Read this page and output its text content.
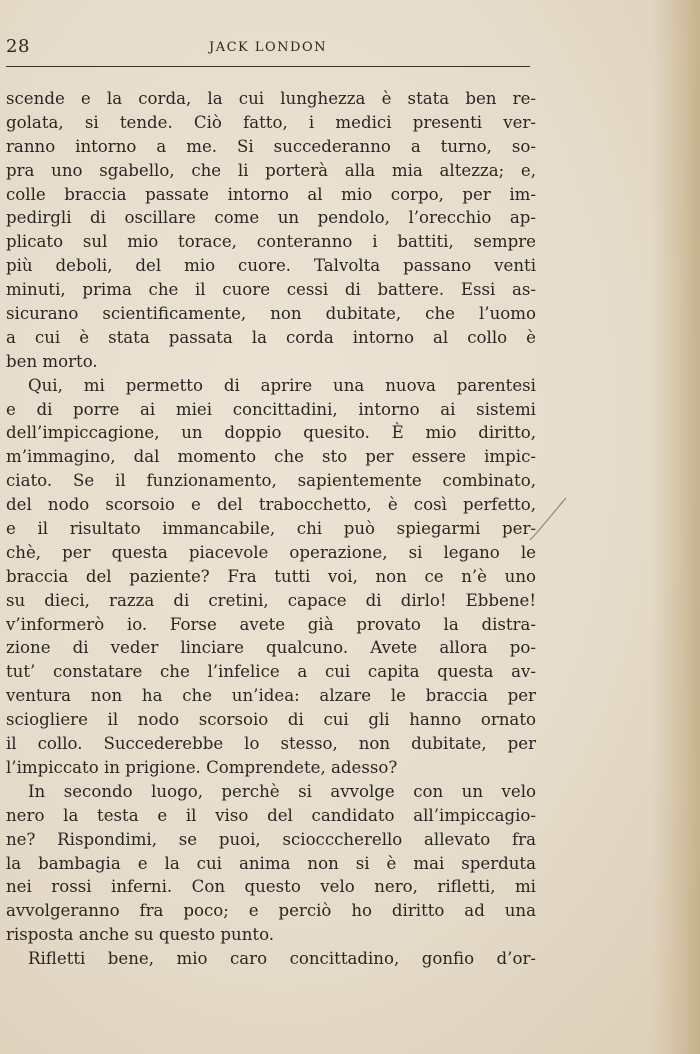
28	JACK LONDON
scende e la corda, la cui lunghezza è stata ben re-
golata, si tende. Ciò fatto, i medici presenti ver-
ranno intorno a me. Si succederanno a turno, so-
pra uno sgabello, che li porterà alla mia altezza; e,
colle braccia passate intorno al mio corpo, per im-
pedirgli di oscillare come un pendolo, l’orecchio ap-
plicato sul mio torace, conteranno i battiti, sempre
più deboli, del mio cuore. Talvolta passano venti
minuti, prima che il cuore cessi di battere. Essi as-
sicurano scientificamente, non dubitate, che l’uomo
a cui è stata passata la corda intorno al collo è
ben morto.
Qui, mi permetto di aprire una nuova parentesi
e di porre ai miei concittadini, intorno ai sistemi
dell’impiccagione, un doppio quesito. È mio diritto,
m’immagino, dal momento che sto per essere impic-
ciato. Se il funzionamento, sapientemente combinato,
del nodo scorsoio e del trabocchetto, è così perfetto,
e il risultato immancabile, chi può spiegarmi per-
chè, per questa piacevole operazione, si legano le
braccia del paziente? Fra tutti voi, non ce n’è uno
su dieci, razza di cretini, capace di dirlo! Ebbene!
v’informerò io. Forse avete già provato la distra-
zione di veder linciare qualcuno. Avete allora po-
tut’ constatare che l’infelice a cui capita questa av-
ventura non ha che un’idea: alzare le braccia per
sciogliere il nodo scorsoio di cui gli hanno ornato
il collo. Succederebbe lo stesso, non dubitate, per
l’impiccato in prigione. Comprendete, adesso?
In secondo luogo, perchè si avvolge con un velo
nero la testa e il viso del candidato all’impiccagio-
ne? Rispondimi, se puoi, sciocccherello allevato fra
la bambagia e la cui anima non si è mai sperduta
nei rossi inferni. Con questo velo nero, rifletti, mi
avvolgeranno fra poco; e perciò ho diritto ad una
risposta anche su questo punto.
Rifletti bene, mio caro concittadino, gonfio d’or-
